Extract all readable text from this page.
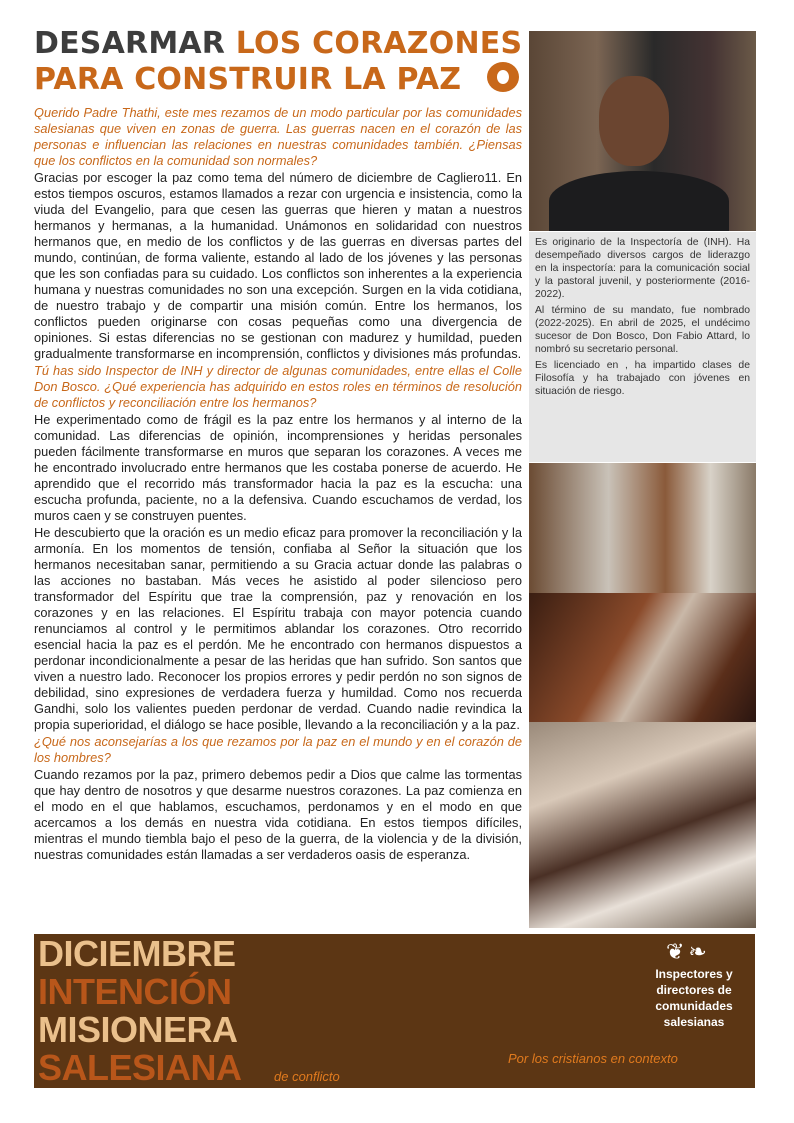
DESARMAR LOS CORAZONES
PARA CONSTRUIR LA PAZ

Querido Padre Thathi, este mes rezamos de un modo particular por las comunidades salesianas que viven en zonas de guerra. Las guerras nacen en el corazón de las personas e influencian las relaciones en nuestras comunidades también. ¿Piensas que los conflictos en la comunidad son normales?

Gracias por escoger la paz como tema del número de diciembre de Cagliero11. En estos tiempos oscuros, estamos llamados a rezar con urgencia e insistencia, como la viuda del Evangelio, para que cesen las guerras que hieren y matan a nuestros hermanos y hermanas, a la humanidad. Unámonos en solidaridad con nuestros hermanos que, en medio de los conflictos y de las guerras en diversas partes del mundo, continúan, de forma valiente, estando al lado de los jóvenes y las personas que les son confiadas para su cuidado. Los conflictos son inherentes a la experiencia humana y nuestras comunidades no son una excepción. Surgen en la vida cotidiana, de nuestro trabajo y de compartir una misión común. Entre los hermanos, los conflictos pueden originarse con cosas pequeñas como una divergencia de opiniones. Si estas diferencias no se gestionan con madurez y humildad, pueden gradualmente transformarse en incomprensión, conflictos y divisiones más profundas.

Tú has sido Inspector de INH y director de algunas comunidades, entre ellas el Colle Don Bosco. ¿Qué experiencia has adquirido en estos roles en términos de resolución de conflictos y reconciliación entre los hermanos?

He experimentado como de frágil es la paz entre los hermanos y al interno de la comunidad. Las diferencias de opinión, incomprensiones y heridas personales pueden fácilmente transformarse en muros que separan los corazones. A veces me he encontrado involucrado entre hermanos que les costaba ponerse de acuerdo. He aprendido que el recorrido más transformador hacia la paz es la escucha: una escucha profunda, paciente, no a la defensiva. Cuando escuchamos de verdad, los muros caen y se construyen puentes.

He descubierto que la oración es un medio eficaz para promover la reconciliación y la armonía. En los momentos de tensión, confiaba al Señor la situación que los hermanos necesitaban sanar, permitiendo a su Gracia actuar donde las palabras o las acciones no bastaban. Más veces he asistido al poder silencioso pero transformador del Espíritu que trae la comprensión, paz y renovación en los corazones y en las relaciones. El Espíritu trabaja con mayor potencia cuando renunciamos al control y le permitimos ablandar los corazones. Otro recorrido esencial hacia la paz es el perdón. Me he encontrado con hermanos dispuestos a perdonar incondicionalmente a pesar de las heridas que han sufrido. Son santos que viven a nuestro lado. Reconocer los propios errores y pedir perdón no son signos de debilidad, sino expresiones de verdadera fuerza y humildad. Como nos recuerda Gandhi, solo los valientes pueden perdonar de verdad. Cuando nadie revindica la propia superioridad, el diálogo se hace posible, llevando a la reconciliación y a la paz.

¿Qué nos aconsejarías a los que rezamos por la paz en el mundo y en el corazón de los hombres?

Cuando rezamos por la paz, primero debemos pedir a Dios que calme las tormentas que hay dentro de nosotros y que desarme nuestros corazones. La paz comienza en el modo en el que hablamos, escuchamos, perdonamos y en el modo en que acercamos a los demás en nuestra vida cotidiana. En estos tiempos difíciles, mientras el mundo tiembla bajo el peso de la guerra, de la violencia y de la división, nuestras comunidades están llamadas a ser verdaderos oasis de esperanza.

Es originario de la Inspectoría de (INH). Ha desempeñado diversos cargos de liderazgo en la inspectoría: para la comunicación social y la pastoral juvenil, y posteriormente (2016-2022).

Al término de su mandato, fue nombrado (2022-2025). En abril de 2025, el undécimo sucesor de Don Bosco, Don Fabio Attard, lo nombró su secretario personal.

Es licenciado en , ha impartido clases de Filosofía y ha trabajado con jóvenes en situación de riesgo.

DICIEMBRE
INTENCIÓN
MISIONERA
SALESIANA	Por los cristianos en contexto
de conflicto
❦❧
Inspectores y directores de comunidades salesianas
